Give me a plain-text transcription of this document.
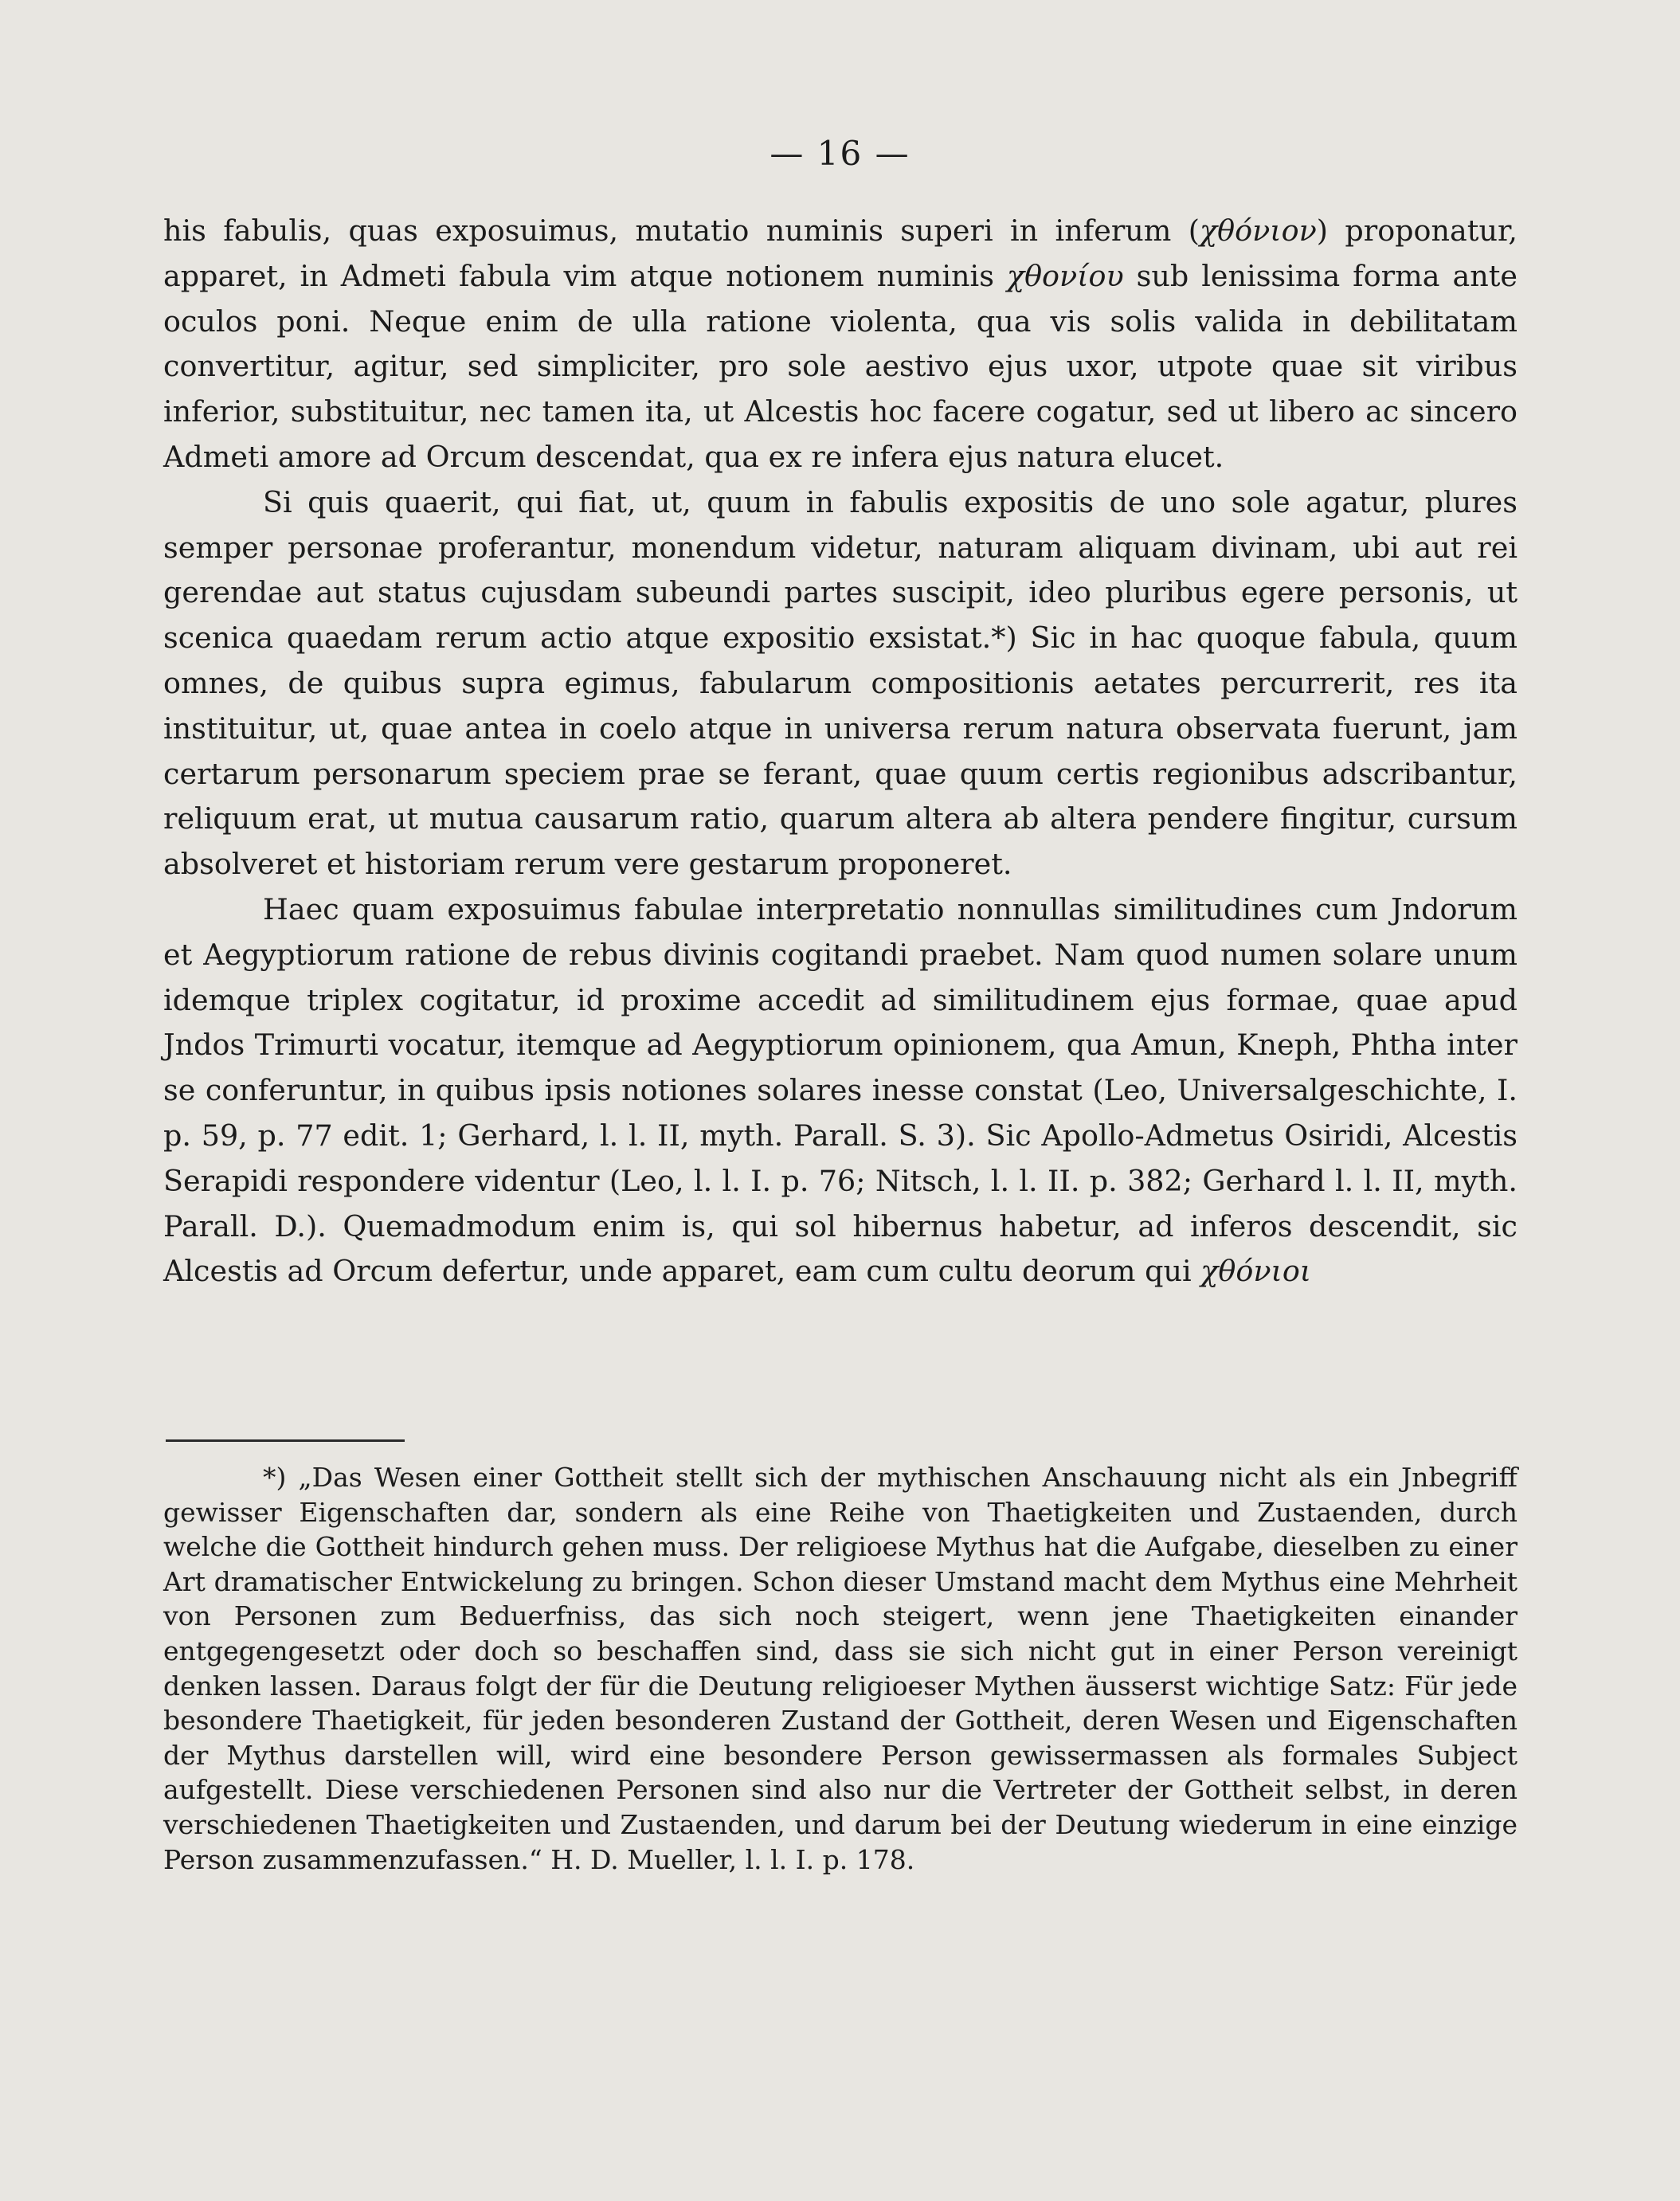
— 16 —

his fabulis, quas exposuimus, mutatio numinis superi in inferum (χθόνιον) proponatur, apparet, in Admeti fabula vim atque notionem numinis χθονίου sub lenissima forma ante oculos poni. Neque enim de ulla ratione violenta, qua vis solis valida in debilitatam convertitur, agitur, sed simpliciter, pro sole aestivo ejus uxor, utpote quae sit viribus inferior, substituitur, nec tamen ita, ut Alcestis hoc facere cogatur, sed ut libero ac sincero Admeti amore ad Orcum descendat, qua ex re infera ejus natura elucet.

Si quis quaerit, qui fiat, ut, quum in fabulis expositis de uno sole agatur, plures semper personae proferantur, monendum videtur, naturam aliquam divinam, ubi aut rei gerendae aut status cujusdam subeundi partes suscipit, ideo pluribus egere personis, ut scenica quaedam rerum actio atque expositio exsistat.*) Sic in hac quoque fabula, quum omnes, de quibus supra egimus, fabularum compositionis aetates percurrerit, res ita instituitur, ut, quae antea in coelo atque in universa rerum natura observata fuerunt, jam certarum personarum speciem prae se ferant, quae quum certis regionibus adscribantur, reliquum erat, ut mutua causarum ratio, quarum altera ab altera pendere fingitur, cursum absolveret et historiam rerum vere gestarum proponeret.

Haec quam exposuimus fabulae interpretatio nonnullas similitudines cum Jndorum et Aegyptiorum ratione de rebus divinis cogitandi praebet. Nam quod numen solare unum idemque triplex cogitatur, id proxime accedit ad similitudinem ejus formae, quae apud Jndos Trimurti vocatur, itemque ad Aegyptiorum opinionem, qua Amun, Kneph, Phtha inter se conferuntur, in quibus ipsis notiones solares inesse constat (Leo, Universalgeschichte, I. p. 59, p. 77 edit. 1; Gerhard, l. l. II, myth. Parall. S. 3). Sic Apollo-Admetus Osiridi, Alcestis Serapidi respondere videntur (Leo, l. l. I. p. 76; Nitsch, l. l. II. p. 382; Gerhard l. l. II, myth. Parall. D.). Quemadmodum enim is, qui sol hibernus habetur, ad inferos descendit, sic Alcestis ad Orcum defertur, unde apparet, eam cum cultu deorum qui χθόνιοι

*) „Das Wesen einer Gottheit stellt sich der mythischen Anschauung nicht als ein Jnbegriff gewisser Eigenschaften dar, sondern als eine Reihe von Thaetigkeiten und Zustaenden, durch welche die Gottheit hindurch gehen muss. Der religioese Mythus hat die Aufgabe, dieselben zu einer Art dramatischer Entwickelung zu bringen. Schon dieser Umstand macht dem Mythus eine Mehrheit von Personen zum Beduerfniss, das sich noch steigert, wenn jene Thaetigkeiten einander entgegengesetzt oder doch so beschaffen sind, dass sie sich nicht gut in einer Person vereinigt denken lassen. Daraus folgt der für die Deutung religioeser Mythen äusserst wichtige Satz: Für jede besondere Thaetigkeit, für jeden besonderen Zustand der Gottheit, deren Wesen und Eigenschaften der Mythus darstellen will, wird eine besondere Person gewissermassen als formales Subject aufgestellt. Diese verschiedenen Personen sind also nur die Vertreter der Gottheit selbst, in deren verschiedenen Thaetigkeiten und Zustaenden, und darum bei der Deutung wiederum in eine einzige Person zusammenzufassen.“ H. D. Mueller, l. l. I. p. 178.
